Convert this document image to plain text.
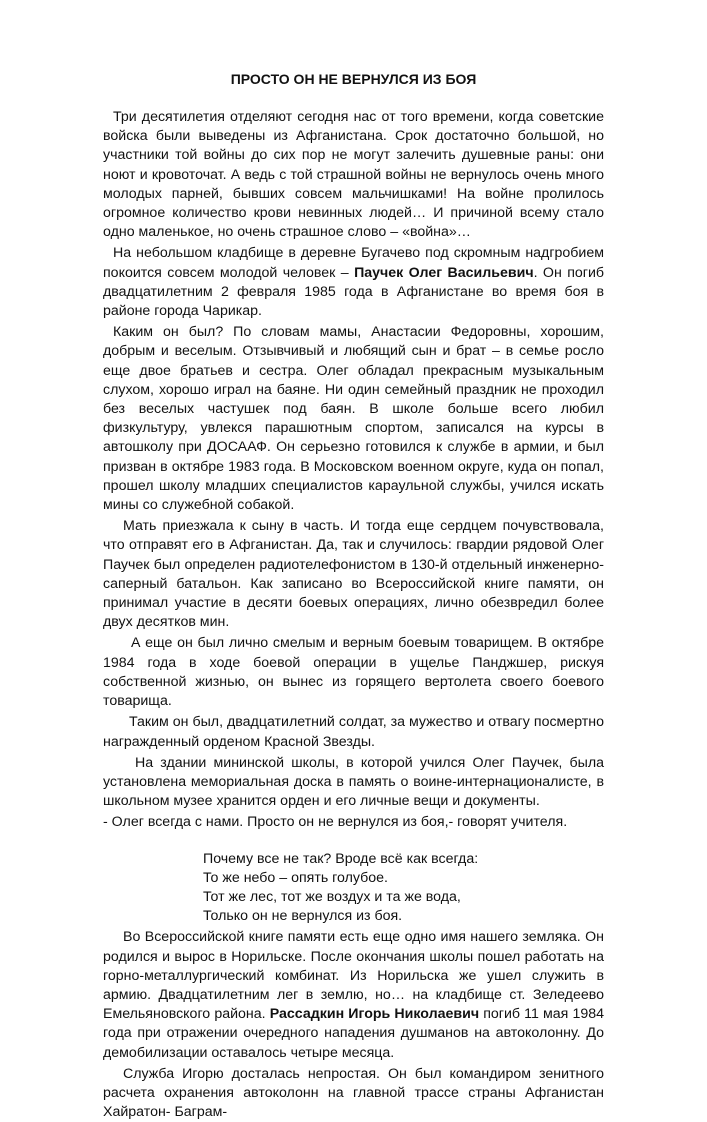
ПРОСТО ОН НЕ ВЕРНУЛСЯ ИЗ БОЯ

Три десятилетия отделяют сегодня нас от того времени, когда советские войска были выведены из Афганистана. Срок достаточно большой, но участники той войны до сих пор не могут залечить душевные раны: они ноют и кровоточат. А ведь с той страшной войны не вернулось очень много молодых парней, бывших совсем мальчишками! На войне пролилось огромное количество крови невинных людей… И причиной всему стало одно маленькое, но очень страшное слово – «война»…

На небольшом кладбище в деревне Бугачево под скромным надгробием покоится совсем молодой человек – Паучек Олег Васильевич. Он погиб двадцатилетним 2 февраля 1985 года в Афганистане во время боя в районе города Чарикар.

Каким он был? По словам мамы, Анастасии Федоровны, хорошим, добрым и веселым. Отзывчивый и любящий сын и брат – в семье росло еще двое братьев и сестра. Олег обладал прекрасным музыкальным слухом, хорошо играл на баяне. Ни один семейный праздник не проходил без веселых частушек под баян. В школе больше всего любил физкультуру, увлекся парашютным спортом, записался на курсы в автошколу при ДОСААФ. Он серьезно готовился к службе в армии, и был призван в октябре 1983 года. В Московском военном округе, куда он попал, прошел школу младших специалистов караульной службы, учился искать мины со служебной собакой.

Мать приезжала к сыну в часть. И тогда еще сердцем почувствовала, что отправят его в Афганистан. Да, так и случилось: гвардии рядовой Олег Паучек был определен радиотелефонистом в 130-й отдельный инженерно-саперный батальон. Как записано во Всероссийской книге памяти, он принимал участие в десяти боевых операциях, лично обезвредил более двух десятков мин.

А еще он был лично смелым и верным боевым товарищем. В октябре 1984 года в ходе боевой операции в ущелье Панджшер, рискуя собственной жизнью, он вынес из горящего вертолета своего боевого товарища.

Таким он был, двадцатилетний солдат, за мужество и отвагу посмертно награжденный орденом Красной Звезды.

На здании мининской школы, в которой учился Олег Паучек, была установлена мемориальная доска в память о воине-интернационалисте, в школьном музее хранится орден и его личные вещи и документы.

- Олег всегда с нами. Просто он не вернулся из боя,- говорят учителя.

Почему все не так? Вроде всё как всегда:
То же небо – опять голубое.
Тот же лес, тот же воздух и та же вода,
Только он не вернулся из боя.

Во Всероссийской книге памяти есть еще одно имя нашего земляка. Он родился и вырос в Норильске. После окончания школы пошел работать на горно-металлургический комбинат. Из Норильска же ушел служить в армию. Двадцатилетним лег в землю, но… на кладбище ст. Зеледеево Емельяновского района. Рассадкин Игорь Николаевич погиб 11 мая 1984 года при отражении очередного нападения душманов на автоколонну. До демобилизации оставалось четыре месяца.

Служба Игорю досталась непростая. Он был командиром зенитного расчета охранения автоколонн на главной трассе страны Афганистан Хайратон- Баграм-
